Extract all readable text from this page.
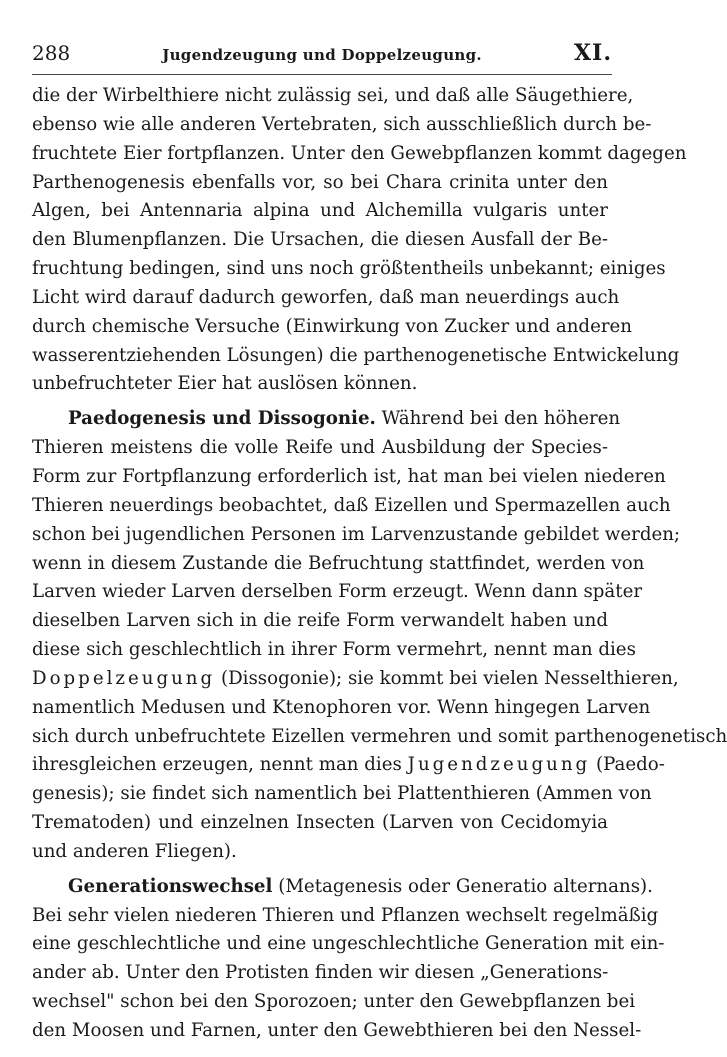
288	Jugendzeugung und Doppelzeugung.	XI.
die der Wirbelthiere nicht zulässig sei, und daß alle Säugethiere,
ebenso wie alle anderen Vertebraten, sich ausschließlich durch be-
fruchtete Eier fortpflanzen. Unter den Gewebpflanzen kommt dagegen
Parthenogenesis ebenfalls vor, so bei Chara crinita unter den
Algen, bei Antennaria alpina und Alchemilla vulgaris unter
den Blumenpflanzen. Die Ursachen, die diesen Ausfall der Be-
fruchtung bedingen, sind uns noch größtentheils unbekannt; einiges
Licht wird darauf dadurch geworfen, daß man neuerdings auch
durch chemische Versuche (Einwirkung von Zucker und anderen
wasserentziehenden Lösungen) die parthenogenetische Entwickelung
unbefruchteter Eier hat auslösen können.
Paedogenesis und Dissogonie. Während bei den höheren
Thieren meistens die volle Reife und Ausbildung der Species-
Form zur Fortpflanzung erforderlich ist, hat man bei vielen niederen
Thieren neuerdings beobachtet, daß Eizellen und Spermazellen auch
schon bei jugendlichen Personen im Larvenzustande gebildet werden;
wenn in diesem Zustande die Befruchtung stattfindet, werden von
Larven wieder Larven derselben Form erzeugt. Wenn dann später
dieselben Larven sich in die reife Form verwandelt haben und
diese sich geschlechtlich in ihrer Form vermehrt, nennt man dies
Doppelzeugung (Dissogonie); sie kommt bei vielen Nesselthieren,
namentlich Medusen und Ktenophoren vor. Wenn hingegen Larven
sich durch unbefruchtete Eizellen vermehren und somit parthenogenetisch
ihresgleichen erzeugen, nennt man dies Jugendzeugung (Paedo-
genesis); sie findet sich namentlich bei Plattenthieren (Ammen von
Trematoden) und einzelnen Insecten (Larven von Cecidomyia
und anderen Fliegen).
Generationswechsel (Metagenesis oder Generatio alternans).
Bei sehr vielen niederen Thieren und Pflanzen wechselt regelmäßig
eine geschlechtliche und eine ungeschlechtliche Generation mit ein-
ander ab. Unter den Protisten finden wir diesen „Generations-
wechsel" schon bei den Sporozoen; unter den Gewebpflanzen bei
den Moosen und Farnen, unter den Gewebthieren bei den Nessel-
